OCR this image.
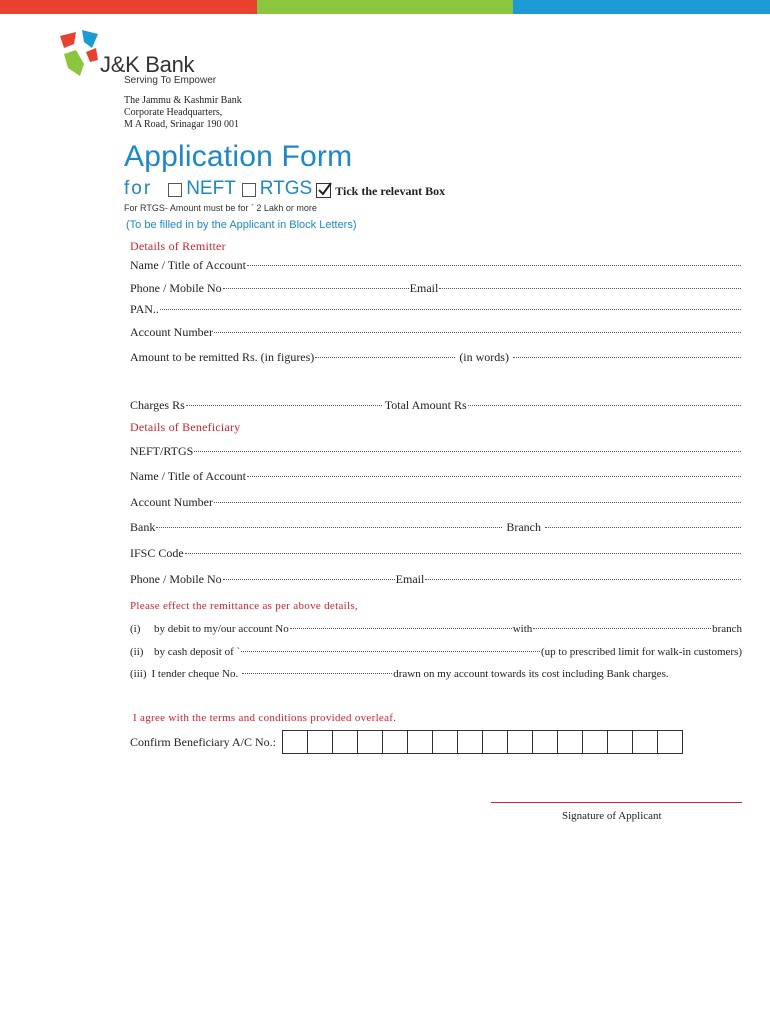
J&K Bank
Serving To Empower
The Jammu & Kashmir Bank
Corporate Headquarters,
M A Road, Srinagar 190 001
Application Form
for NEFT RTGS Tick the relevant Box
For RTGS- Amount must be for ` 2 Lakh or more
(To be filled in by the Applicant in Block Letters)
Details of Remitter
Name / Title of Account
Phone / Mobile No	Email
PAN..
Account Number
Amount to be remitted Rs. (in figures)	(in words)
Charges Rs	Total Amount Rs
Details of Beneficiary
NEFT/RTGS
Name / Title of Account
Account Number
Bank	Branch
IFSC Code
Phone / Mobile No	Email
Please effect the remittance as per above details,
(i)	by debit to my/our account No	with	branch
(ii) by cash deposit of `	(up to prescribed limit for walk-in customers)
(iii) I tender cheque No.	drawn on my account towards its cost including Bank charges.
I agree with the terms and conditions provided overleaf.
Confirm Beneficiary A/C No.:
Signature of Applicant
